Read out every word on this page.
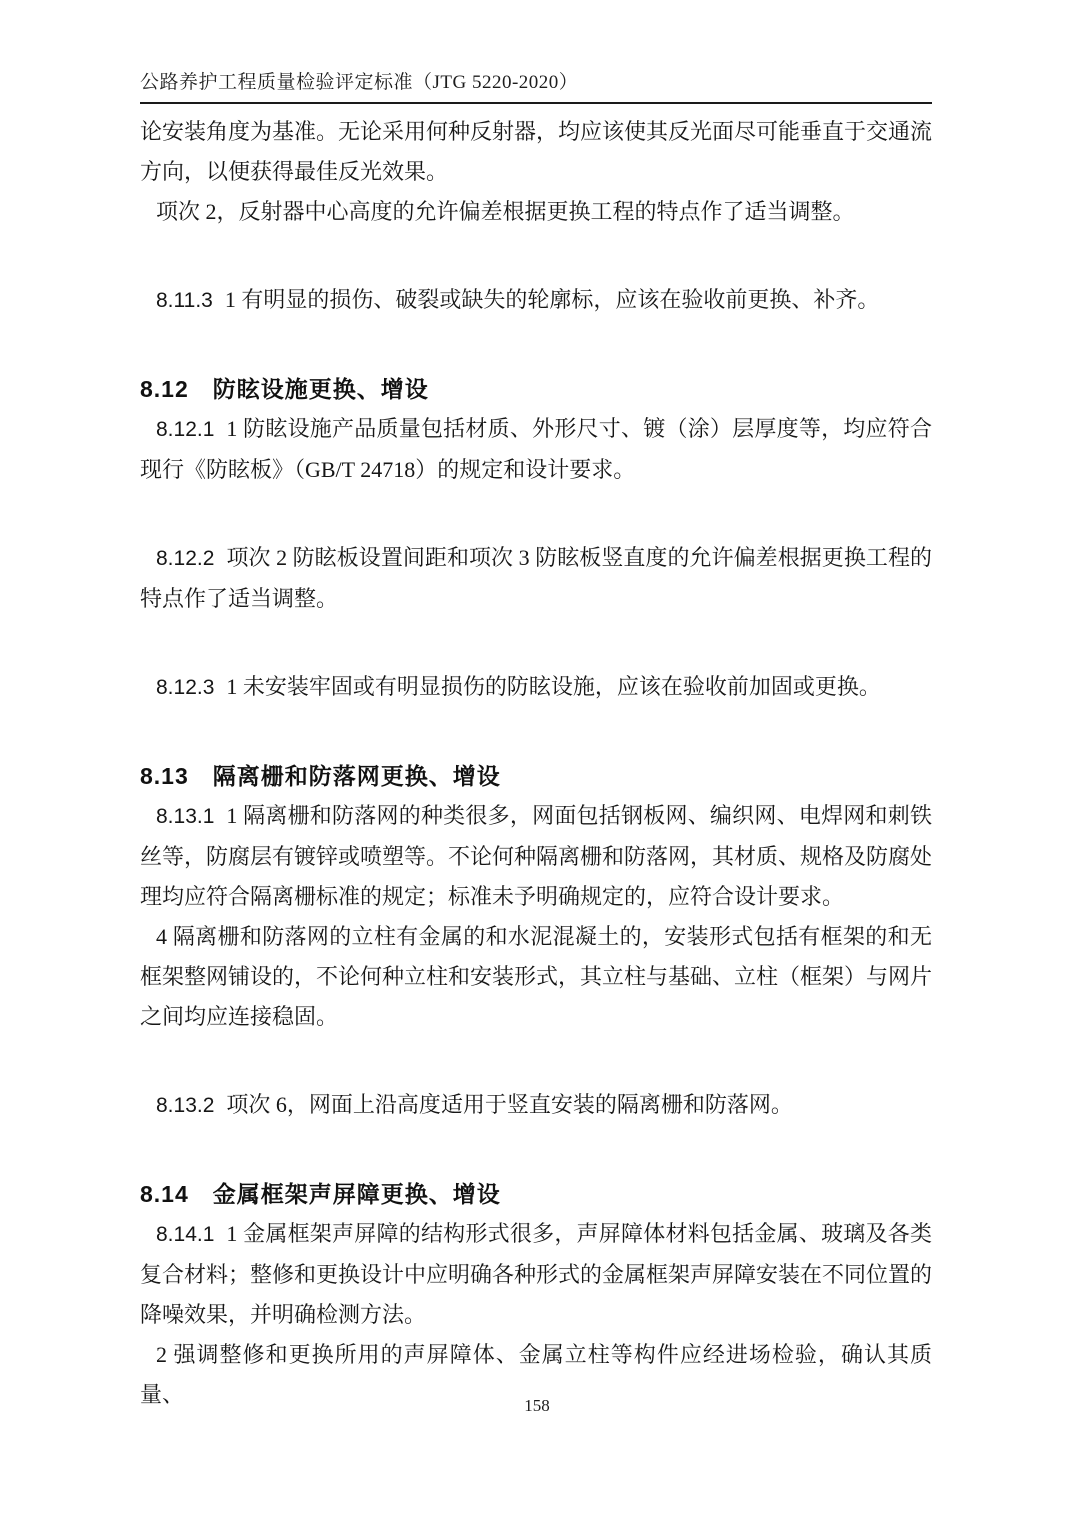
公路养护工程质量检验评定标准（JTG 5220-2020）

论安装角度为基准。无论采用何种反射器，均应该使其反光面尽可能垂直于交通流方向，以便获得最佳反光效果。

项次 2，反射器中心高度的允许偏差根据更换工程的特点作了适当调整。

8.11.3 1 有明显的损伤、破裂或缺失的轮廓标，应该在验收前更换、补齐。

8.12 防眩设施更换、增设

8.12.1 1 防眩设施产品质量包括材质、外形尺寸、镀（涂）层厚度等，均应符合现行《防眩板》（GB/T 24718）的规定和设计要求。

8.12.2 项次 2 防眩板设置间距和项次 3 防眩板竖直度的允许偏差根据更换工程的特点作了适当调整。

8.12.3 1 未安装牢固或有明显损伤的防眩设施，应该在验收前加固或更换。

8.13 隔离栅和防落网更换、增设

8.13.1 1 隔离栅和防落网的种类很多，网面包括钢板网、编织网、电焊网和刺铁丝等，防腐层有镀锌或喷塑等。不论何种隔离栅和防落网，其材质、规格及防腐处理均应符合隔离栅标准的规定；标准未予明确规定的，应符合设计要求。

4 隔离栅和防落网的立柱有金属的和水泥混凝土的，安装形式包括有框架的和无框架整网铺设的，不论何种立柱和安装形式，其立柱与基础、立柱（框架）与网片之间均应连接稳固。

8.13.2 项次 6，网面上沿高度适用于竖直安装的隔离栅和防落网。

8.14 金属框架声屏障更换、增设

8.14.1 1 金属框架声屏障的结构形式很多，声屏障体材料包括金属、玻璃及各类复合材料；整修和更换设计中应明确各种形式的金属框架声屏障安装在不同位置的降噪效果，并明确检测方法。

2 强调整修和更换所用的声屏障体、金属立柱等构件应经进场检验，确认其质量、	158
